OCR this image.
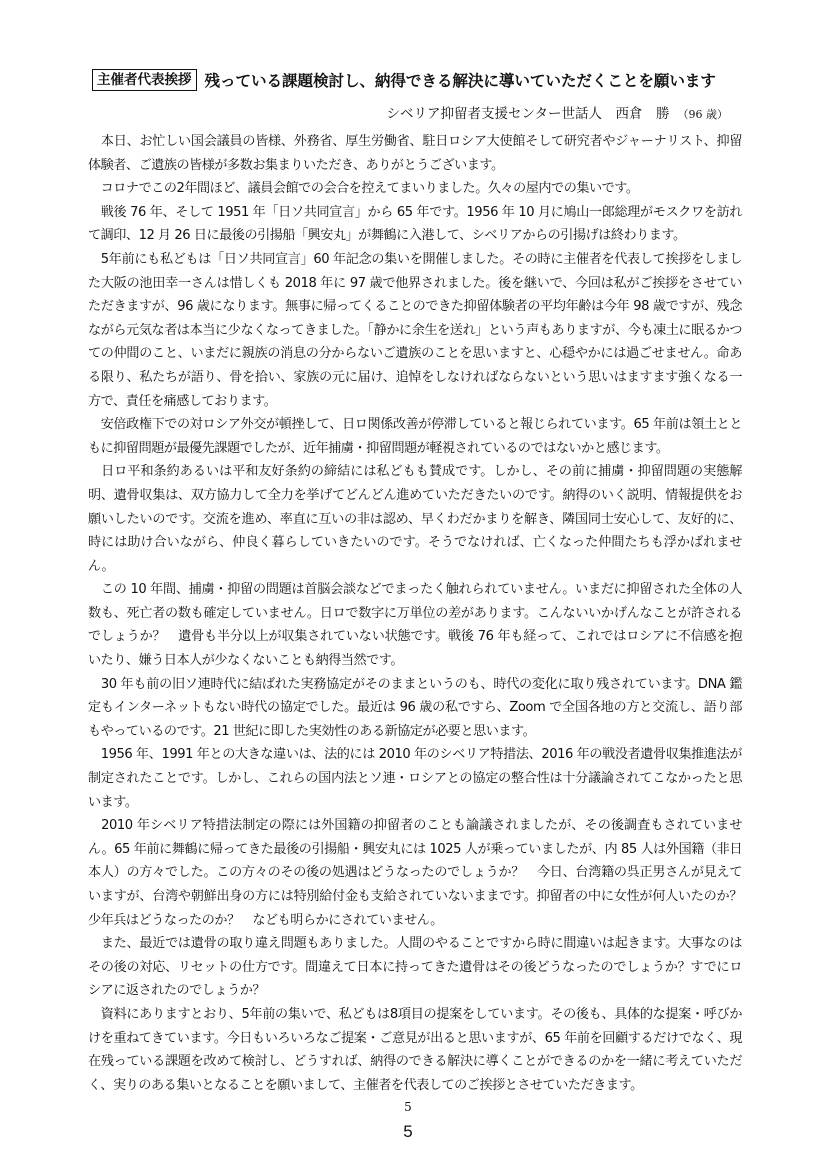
主催者代表挨拶 残っている課題検討し、納得できる解決に導いていただくことを願います
シベリア抑留者支援センター世話人　西倉　勝 （96 歳）

　本日、お忙しい国会議員の皆様、外務省、厚生労働省、駐日ロシア大使館そして研究者やジャーナリスト、抑留体験者、ご遺族の皆様が多数お集まりいただき、ありがとうございます。

　コロナでこの2年間ほど、議員会館での会合を控えてまいりました。久々の屋内での集いです。

　戦後 76 年、そして 1951 年「日ソ共同宣言」から 65 年です。1956 年 10 月に鳩山一郎総理がモスクワを訪れて調印、12 月 26 日に最後の引揚船「興安丸」が舞鶴に入港して、シベリアからの引揚げは終わります。

　5年前にも私どもは「日ソ共同宣言」60 年記念の集いを開催しました。その時に主催者を代表して挨拶をしました大阪の池田幸一さんは惜しくも 2018 年に 97 歳で他界されました。後を継いで、今回は私がご挨拶をさせていただきますが、96 歳になります。無事に帰ってくることのできた抑留体験者の平均年齢は今年 98 歳ですが、残念ながら元気な者は本当に少なくなってきました。「静かに余生を送れ」という声もありますが、今も凍土に眠るかつての仲間のこと、いまだに親族の消息の分からないご遺族のことを思いますと、心穏やかには過ごせません。命ある限り、私たちが語り、骨を拾い、家族の元に届け、追悼をしなければならないという思いはますます強くなる一方で、責任を痛感しております。

　安倍政権下での対ロシア外交が頓挫して、日ロ関係改善が停滞していると報じられています。65 年前は領土とともに抑留問題が最優先課題でしたが、近年捕虜・抑留問題が軽視されているのではないかと感じます。

　日ロ平和条約あるいは平和友好条約の締結には私どもも賛成です。しかし、その前に捕虜・抑留問題の実態解明、遺骨収集は、双方協力して全力を挙げてどんどん進めていただきたいのです。納得のいく説明、情報提供をお願いしたいのです。交流を進め、率直に互いの非は認め、早くわだかまりを解き、隣国同士安心して、友好的に、時には助け合いながら、仲良く暮らしていきたいのです。そうでなければ、亡くなった仲間たちも浮かばれません。

　この 10 年間、捕虜・抑留の問題は首脳会談などでまったく触れられていません。いまだに抑留された全体の人数も、死亡者の数も確定していません。日ロで数字に万単位の差があります。こんないいかげんなことが許されるでしょうか？　遺骨も半分以上が収集されていない状態です。戦後 76 年も経って、これではロシアに不信感を抱いたり、嫌う日本人が少なくないことも納得当然です。

　30 年も前の旧ソ連時代に結ばれた実務協定がそのままというのも、時代の変化に取り残されています。DNA 鑑定もインターネットもない時代の協定でした。最近は 96 歳の私ですら、Zoom で全国各地の方と交流し、語り部もやっているのです。21 世紀に即した実効性のある新協定が必要と思います。

　1956 年、1991 年との大きな違いは、法的には 2010 年のシベリア特措法、2016 年の戦没者遺骨収集推進法が制定されたことです。しかし、これらの国内法とソ連・ロシアとの協定の整合性は十分議論されてこなかったと思います。

　2010 年シベリア特措法制定の際には外国籍の抑留者のことも論議されましたが、その後調査もされていません。65 年前に舞鶴に帰ってきた最後の引揚船・興安丸には 1025 人が乗っていましたが、内 85 人は外国籍（非日本人）の方々でした。この方々のその後の処遇はどうなったのでしょうか？　今日、台湾籍の呉正男さんが見えていますが、台湾や朝鮮出身の方には特別給付金も支給されていないままです。抑留者の中に女性が何人いたのか？　少年兵はどうなったのか？　なども明らかにされていません。

　また、最近では遺骨の取り違え問題もありました。人間のやることですから時に間違いは起きます。大事なのはその後の対応、リセットの仕方です。間違えて日本に持ってきた遺骨はその後どうなったのでしょうか？すでにロシアに返されたのでしょうか？

　資料にありますとおり、5年前の集いで、私どもは8項目の提案をしています。その後も、具体的な提案・呼びかけを重ねてきています。今日もいろいろなご提案・ご意見が出ると思いますが、65 年前を回顧するだけでなく、現在残っている課題を改めて検討し、どうすれば、納得のできる解決に導くことができるのかを一緒に考えていただく、実りのある集いとなることを願いまして、主催者を代表してのご挨拶とさせていただきます。

5
5
